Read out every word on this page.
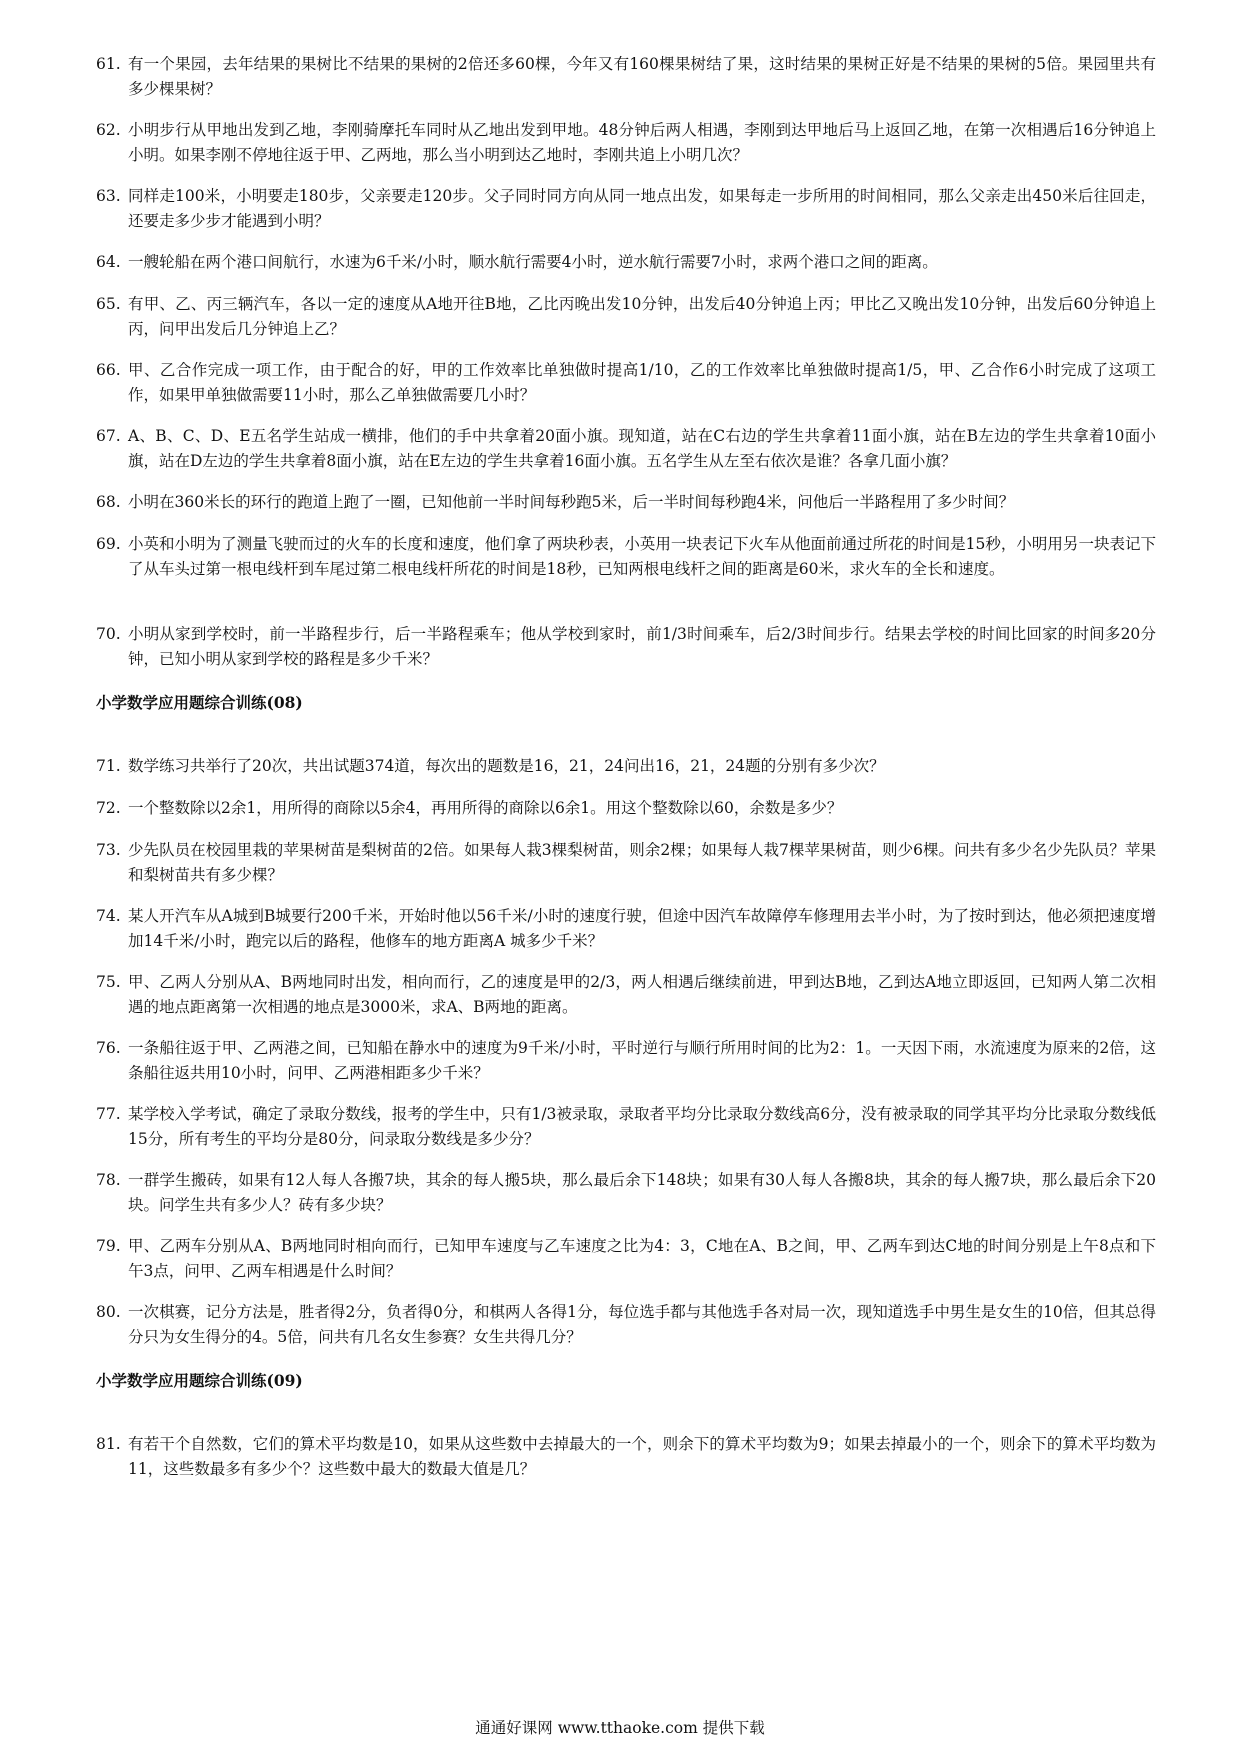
61. 有一个果园，去年结果的果树比不结果的果树的2倍还多60棵，今年又有160棵果树结了果，这时结果的果树正好是不结果的果树的5倍。果园里共有多少棵果树？
62. 小明步行从甲地出发到乙地，李刚骑摩托车同时从乙地出发到甲地。48分钟后两人相遇，李刚到达甲地后马上返回乙地，在第一次相遇后16分钟追上小明。如果李刚不停地往返于甲、乙两地，那么当小明到达乙地时，李刚共追上小明几次？
63. 同样走100米，小明要走180步，父亲要走120步。父子同时同方向从同一地点出发，如果每走一步所用的时间相同，那么父亲走出450米后往回走，还要走多少步才能遇到小明？
64. 一艘轮船在两个港口间航行，水速为6千米/小时，顺水航行需要4小时，逆水航行需要7小时，求两个港口之间的距离。
65. 有甲、乙、丙三辆汽车，各以一定的速度从A地开往B地，乙比丙晚出发10分钟，出发后40分钟追上丙；甲比乙又晚出发10分钟，出发后60分钟追上丙，问甲出发后几分钟追上乙？
66. 甲、乙合作完成一项工作，由于配合的好，甲的工作效率比单独做时提高1/10，乙的工作效率比单独做时提高1/5，甲、乙合作6小时完成了这项工作，如果甲单独做需要11小时，那么乙单独做需要几小时？
67. A、B、C、D、E五名学生站成一横排，他们的手中共拿着20面小旗。现知道，站在C右边的学生共拿着11面小旗，站在B左边的学生共拿着10面小旗，站在D左边的学生共拿着8面小旗，站在E左边的学生共拿着16面小旗。五名学生从左至右依次是谁？各拿几面小旗？
68. 小明在360米长的环行的跑道上跑了一圈，已知他前一半时间每秒跑5米，后一半时间每秒跑4米，问他后一半路程用了多少时间？
69. 小英和小明为了测量飞驶而过的火车的长度和速度，他们拿了两块秒表，小英用一块表记下火车从他面前通过所花的时间是15秒，小明用另一块表记下了从车头过第一根电线杆到车尾过第二根电线杆所花的时间是18秒，已知两根电线杆之间的距离是60米，求火车的全长和速度。
70. 小明从家到学校时，前一半路程步行，后一半路程乘车；他从学校到家时，前1/3时间乘车，后2/3时间步行。结果去学校的时间比回家的时间多20分钟，已知小明从家到学校的路程是多少千米？
小学数学应用题综合训练(08)
71. 数学练习共举行了20次，共出试题374道，每次出的题数是16，21，24问出16，21，24题的分别有多少次？
72. 一个整数除以2余1，用所得的商除以5余4，再用所得的商除以6余1。用这个整数除以60，余数是多少？
73. 少先队员在校园里栽的苹果树苗是梨树苗的2倍。如果每人栽3棵梨树苗，则余2棵；如果每人栽7棵苹果树苗，则少6棵。问共有多少名少先队员？苹果和梨树苗共有多少棵？
74. 某人开汽车从A城到B城要行200千米，开始时他以56千米/小时的速度行驶，但途中因汽车故障停车修理用去半小时，为了按时到达，他必须把速度增加14千米/小时，跑完以后的路程，他修车的地方距离A 城多少千米？
75. 甲、乙两人分别从A、B两地同时出发，相向而行，乙的速度是甲的2/3，两人相遇后继续前进，甲到达B地，乙到达A地立即返回，已知两人第二次相遇的地点距离第一次相遇的地点是3000米，求A、B两地的距离。
76. 一条船往返于甲、乙两港之间，已知船在静水中的速度为9千米/小时，平时逆行与顺行所用时间的比为2：1。一天因下雨，水流速度为原来的2倍，这条船往返共用10小时，问甲、乙两港相距多少千米？
77. 某学校入学考试，确定了录取分数线，报考的学生中，只有1/3被录取，录取者平均分比录取分数线高6分，没有被录取的同学其平均分比录取分数线低15分，所有考生的平均分是80分，问录取分数线是多少分？
78. 一群学生搬砖，如果有12人每人各搬7块，其余的每人搬5块，那么最后余下148块；如果有30人每人各搬8块，其余的每人搬7块，那么最后余下20块。问学生共有多少人？砖有多少块？
79. 甲、乙两车分别从A、B两地同时相向而行，已知甲车速度与乙车速度之比为4：3，C地在A、B之间，甲、乙两车到达C地的时间分别是上午8点和下午3点，问甲、乙两车相遇是什么时间？
80. 一次棋赛，记分方法是，胜者得2分，负者得0分，和棋两人各得1分，每位选手都与其他选手各对局一次，现知道选手中男生是女生的10倍，但其总得分只为女生得分的4。5倍，问共有几名女生参赛？女生共得几分？
小学数学应用题综合训练(09)
81. 有若干个自然数，它们的算术平均数是10，如果从这些数中去掉最大的一个，则余下的算术平均数为9；如果去掉最小的一个，则余下的算术平均数为11，这些数最多有多少个？这些数中最大的数最大值是几？
通通好课网 www.tthaoke.com 提供下载
